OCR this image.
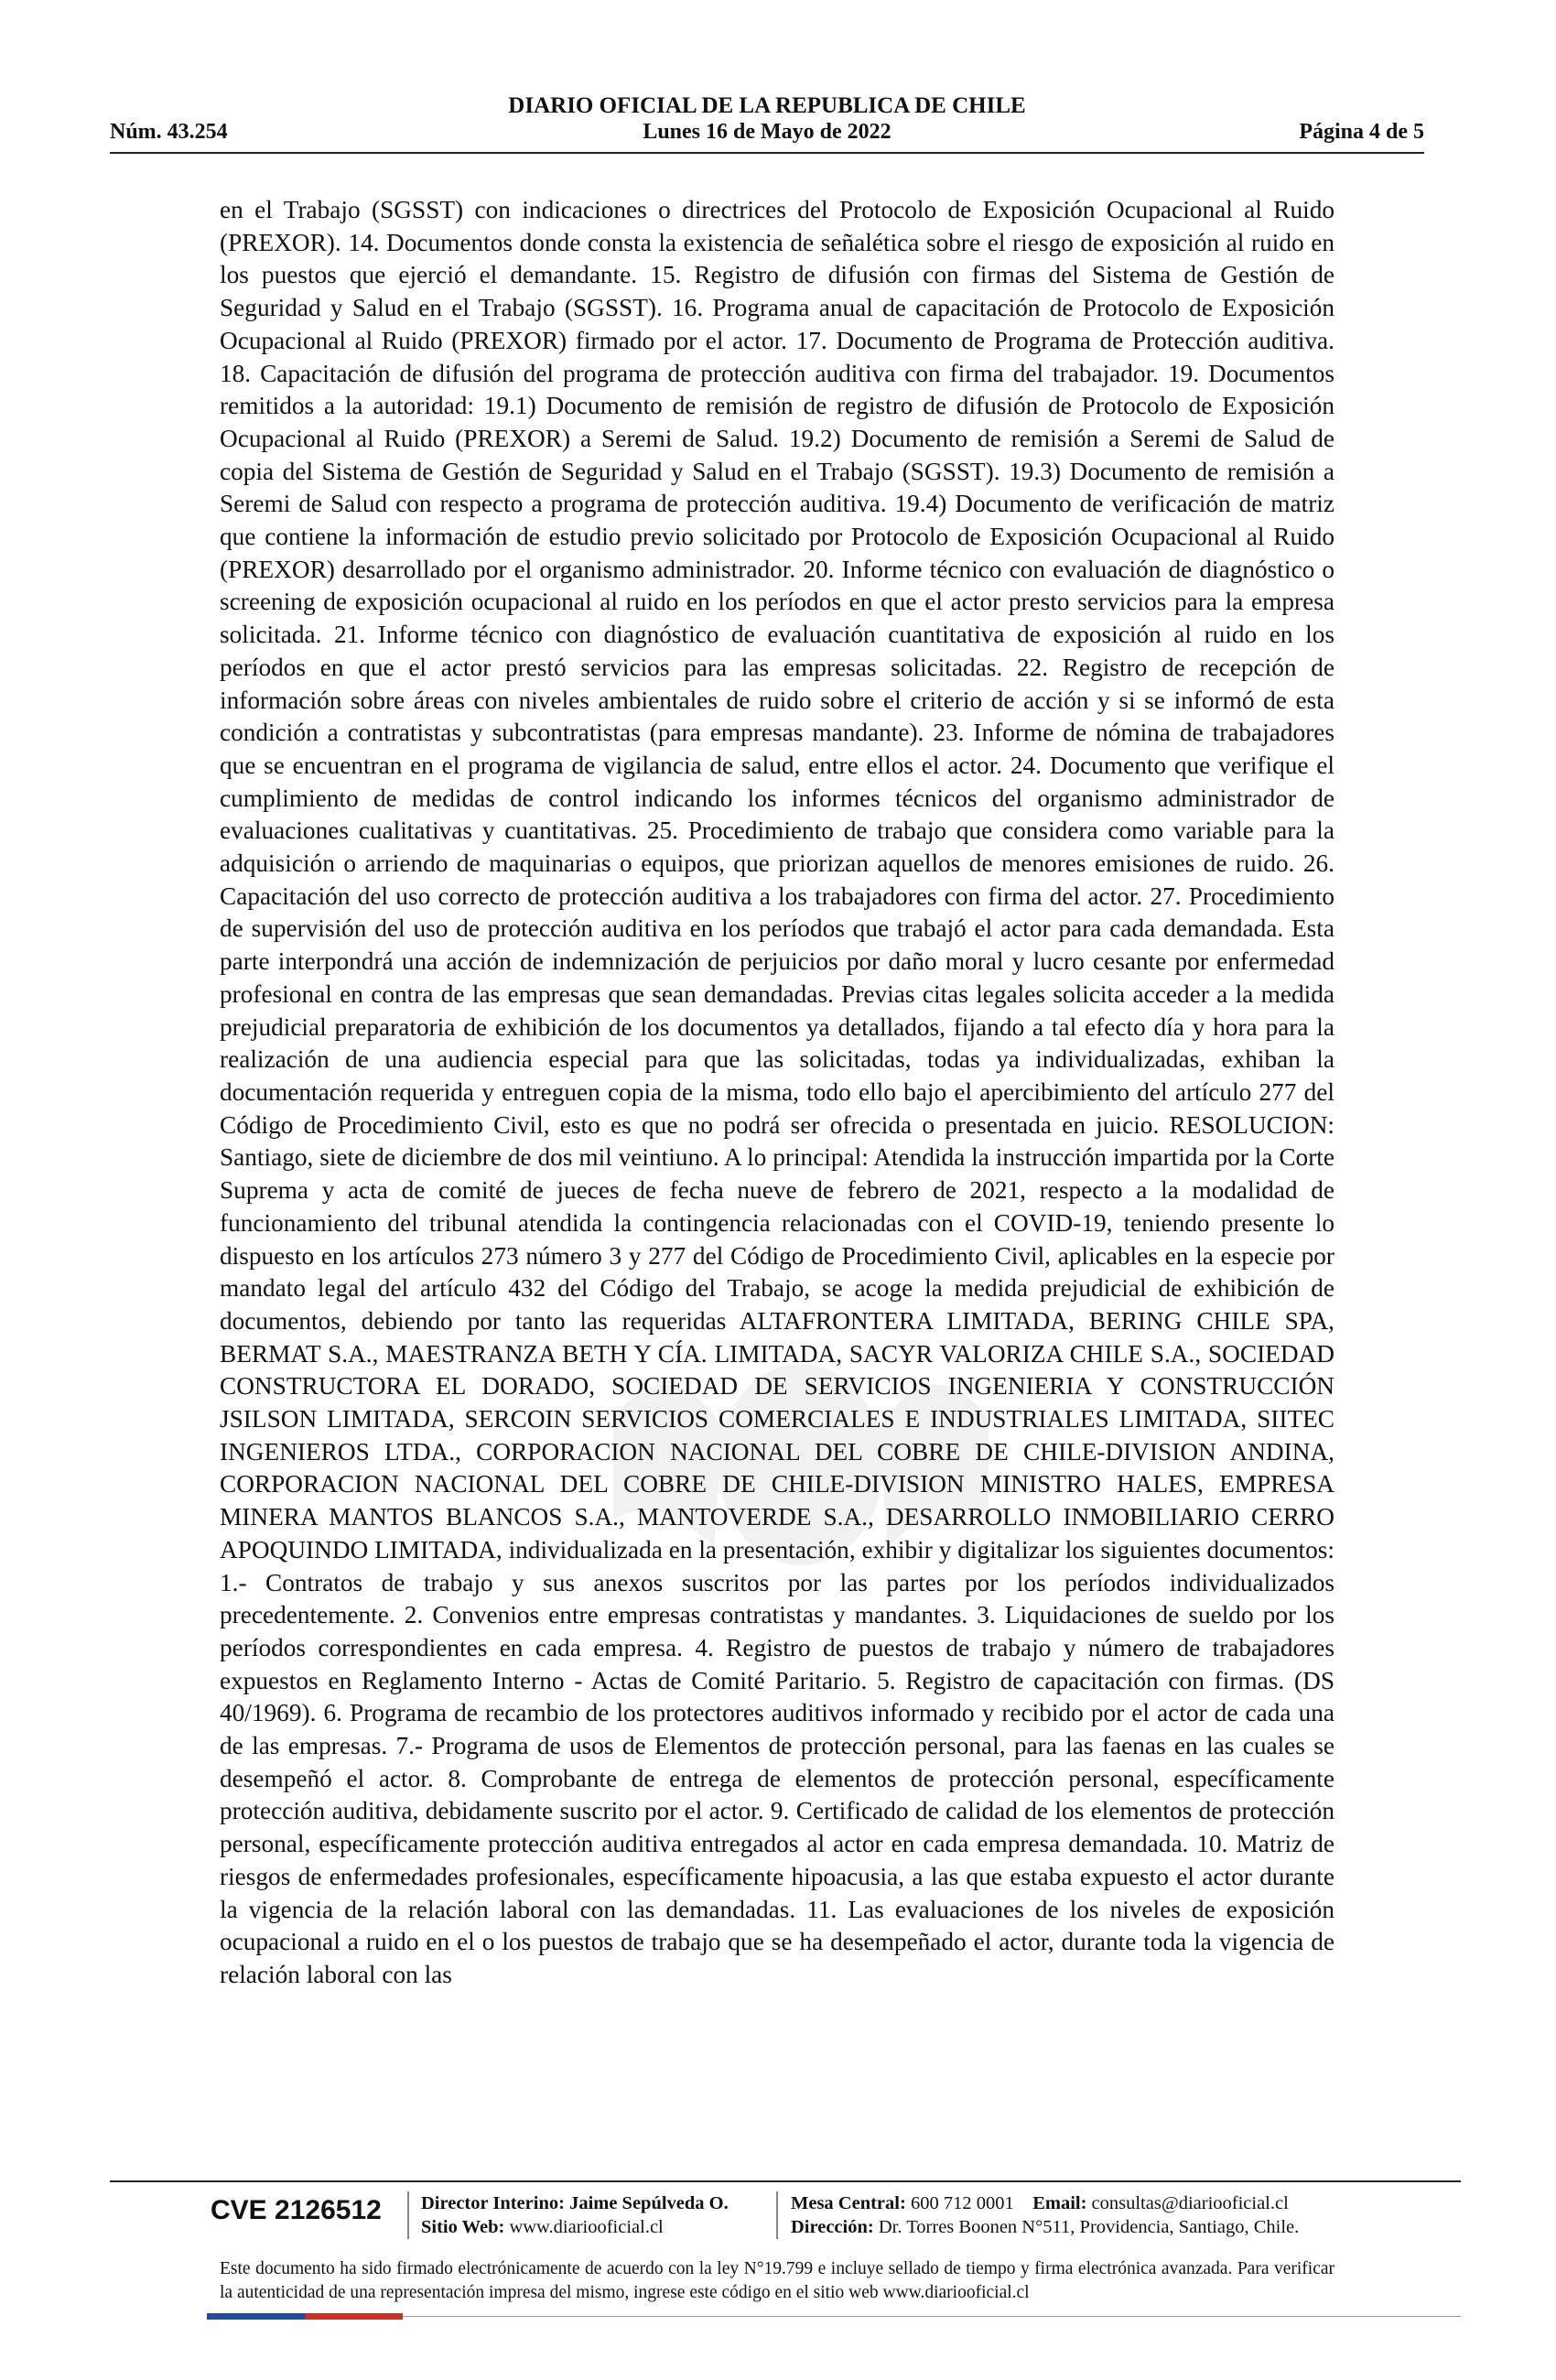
DIARIO OFICIAL DE LA REPUBLICA DE CHILE
Lunes 16 de Mayo de 2022
Núm. 43.254	Página 4 de 5
en el Trabajo (SGSST) con indicaciones o directrices del Protocolo de Exposición Ocupacional al Ruido (PREXOR). 14. Documentos donde consta la existencia de señalética sobre el riesgo de exposición al ruido en los puestos que ejerció el demandante. 15. Registro de difusión con firmas del Sistema de Gestión de Seguridad y Salud en el Trabajo (SGSST). 16. Programa anual de capacitación de Protocolo de Exposición Ocupacional al Ruido (PREXOR) firmado por el actor. 17. Documento de Programa de Protección auditiva. 18. Capacitación de difusión del programa de protección auditiva con firma del trabajador. 19. Documentos remitidos a la autoridad: 19.1) Documento de remisión de registro de difusión de Protocolo de Exposición Ocupacional al Ruido (PREXOR) a Seremi de Salud. 19.2) Documento de remisión a Seremi de Salud de copia del Sistema de Gestión de Seguridad y Salud en el Trabajo (SGSST). 19.3) Documento de remisión a Seremi de Salud con respecto a programa de protección auditiva. 19.4) Documento de verificación de matriz que contiene la información de estudio previo solicitado por Protocolo de Exposición Ocupacional al Ruido (PREXOR) desarrollado por el organismo administrador. 20. Informe técnico con evaluación de diagnóstico o screening de exposición ocupacional al ruido en los períodos en que el actor presto servicios para la empresa solicitada. 21. Informe técnico con diagnóstico de evaluación cuantitativa de exposición al ruido en los períodos en que el actor prestó servicios para las empresas solicitadas. 22. Registro de recepción de información sobre áreas con niveles ambientales de ruido sobre el criterio de acción y si se informó de esta condición a contratistas y subcontratistas (para empresas mandante). 23. Informe de nómina de trabajadores que se encuentran en el programa de vigilancia de salud, entre ellos el actor. 24. Documento que verifique el cumplimiento de medidas de control indicando los informes técnicos del organismo administrador de evaluaciones cualitativas y cuantitativas. 25. Procedimiento de trabajo que considera como variable para la adquisición o arriendo de maquinarias o equipos, que priorizan aquellos de menores emisiones de ruido. 26. Capacitación del uso correcto de protección auditiva a los trabajadores con firma del actor. 27. Procedimiento de supervisión del uso de protección auditiva en los períodos que trabajó el actor para cada demandada. Esta parte interpondrá una acción de indemnización de perjuicios por daño moral y lucro cesante por enfermedad profesional en contra de las empresas que sean demandadas. Previas citas legales solicita acceder a la medida prejudicial preparatoria de exhibición de los documentos ya detallados, fijando a tal efecto día y hora para la realización de una audiencia especial para que las solicitadas, todas ya individualizadas, exhiban la documentación requerida y entreguen copia de la misma, todo ello bajo el apercibimiento del artículo 277 del Código de Procedimiento Civil, esto es que no podrá ser ofrecida o presentada en juicio. RESOLUCION: Santiago, siete de diciembre de dos mil veintiuno. A lo principal: Atendida la instrucción impartida por la Corte Suprema y acta de comité de jueces de fecha nueve de febrero de 2021, respecto a la modalidad de funcionamiento del tribunal atendida la contingencia relacionadas con el COVID-19, teniendo presente lo dispuesto en los artículos 273 número 3 y 277 del Código de Procedimiento Civil, aplicables en la especie por mandato legal del artículo 432 del Código del Trabajo, se acoge la medida prejudicial de exhibición de documentos, debiendo por tanto las requeridas ALTAFRONTERA LIMITADA, BERING CHILE SPA, BERMAT S.A., MAESTRANZA BETH Y CÍA. LIMITADA, SACYR VALORIZA CHILE S.A., SOCIEDAD CONSTRUCTORA EL DORADO, SOCIEDAD DE SERVICIOS INGENIERIA Y CONSTRUCCIÓN JSILSON LIMITADA, SERCOIN SERVICIOS COMERCIALES E INDUSTRIALES LIMITADA, SIITEC INGENIEROS LTDA., CORPORACION NACIONAL DEL COBRE DE CHILE-DIVISION ANDINA, CORPORACION NACIONAL DEL COBRE DE CHILE-DIVISION MINISTRO HALES, EMPRESA MINERA MANTOS BLANCOS S.A., MANTOVERDE S.A., DESARROLLO INMOBILIARIO CERRO APOQUINDO LIMITADA, individualizada en la presentación, exhibir y digitalizar los siguientes documentos: 1.- Contratos de trabajo y sus anexos suscritos por las partes por los períodos individualizados precedentemente. 2. Convenios entre empresas contratistas y mandantes. 3. Liquidaciones de sueldo por los períodos correspondientes en cada empresa. 4. Registro de puestos de trabajo y número de trabajadores expuestos en Reglamento Interno - Actas de Comité Paritario. 5. Registro de capacitación con firmas. (DS 40/1969). 6. Programa de recambio de los protectores auditivos informado y recibido por el actor de cada una de las empresas. 7.- Programa de usos de Elementos de protección personal, para las faenas en las cuales se desempeñó el actor. 8. Comprobante de entrega de elementos de protección personal, específicamente protección auditiva, debidamente suscrito por el actor. 9. Certificado de calidad de los elementos de protección personal, específicamente protección auditiva entregados al actor en cada empresa demandada. 10. Matriz de riesgos de enfermedades profesionales, específicamente hipoacusia, a las que estaba expuesto el actor durante la vigencia de la relación laboral con las demandadas. 11. Las evaluaciones de los niveles de exposición ocupacional a ruido en el o los puestos de trabajo que se ha desempeñado el actor, durante toda la vigencia de relación laboral con las
CVE 2126512 Director Interino: Jaime Sepúlveda O.
Sitio Web: www.diariooficial.cl
Mesa Central: 600 712 0001 Email: consultas@diariooficial.cl
Dirección: Dr. Torres Boonen N°511, Providencia, Santiago, Chile.
Este documento ha sido firmado electrónicamente de acuerdo con la ley N°19.799 e incluye sellado de tiempo y firma electrónica avanzada. Para verificar la autenticidad de una representación impresa del mismo, ingrese este código en el sitio web www.diariooficial.cl
